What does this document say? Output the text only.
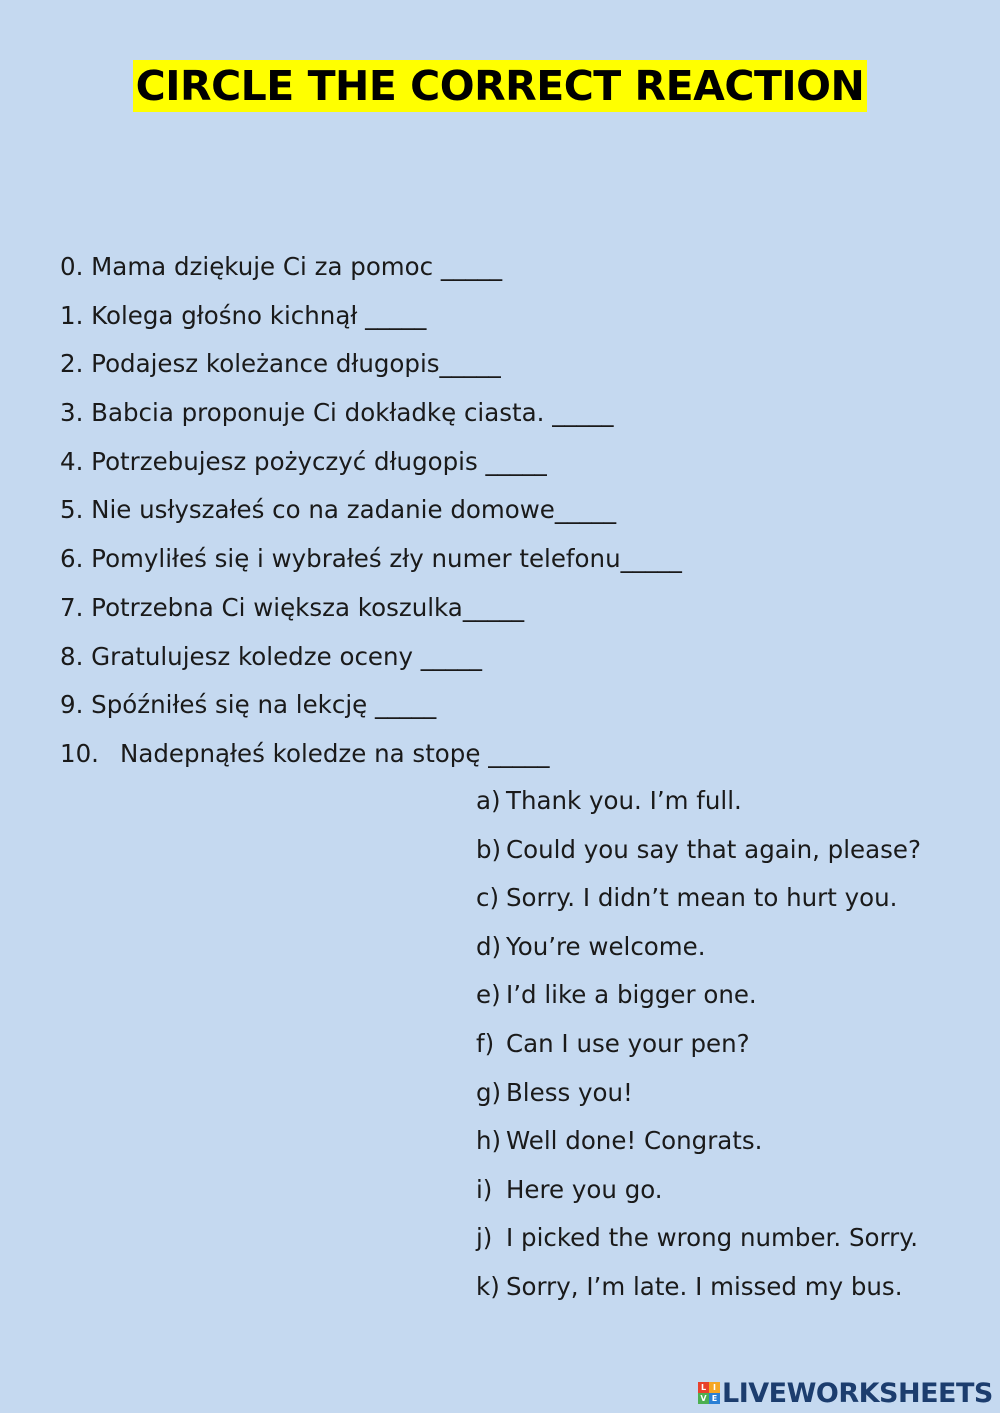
CIRCLE THE CORRECT REACTION
0. Mama dziękuje Ci za pomoc _____
1. Kolega głośno kichnął _____
2. Podajesz koleżance długopis_____
3. Babcia proponuje Ci dokładkę ciasta. _____
4. Potrzebujesz pożyczyć długopis _____
5. Nie usłyszałeś co na zadanie domowe_____
6. Pomyliłeś się i wybrałeś zły numer telefonu_____
7. Potrzebna Ci większa koszulka_____
8. Gratulujesz koledze oceny _____
9. Spóźniłeś się na lekcję _____
10. Nadepnąłeś koledze na stopę _____
a) Thank you. I’m full.
b) Could you say that again, please?
c) Sorry. I didn’t mean to hurt you.
d) You’re welcome.
e) I’d like a bigger one.
f) Can I use your pen?
g) Bless you!
h) Well done! Congrats.
i) Here you go.
j) I picked the wrong number. Sorry.
k) Sorry, I’m late. I missed my bus.
L I
V E LIVEWORKSHEETS
